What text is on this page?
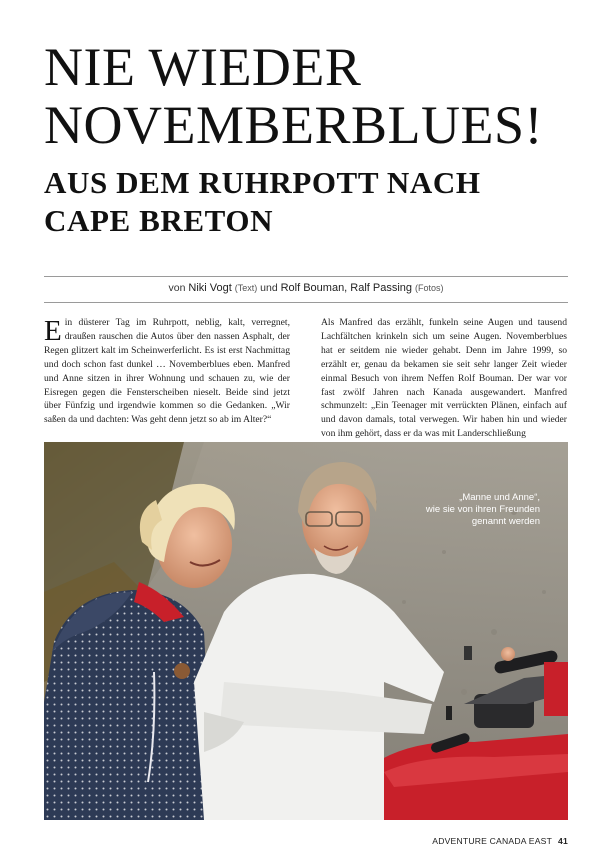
NIE WIEDER
NOVEMBERBLUES!
AUS DEM RUHRPOTT NACH
CAPE BRETON
von Niki Vogt (Text) und Rolf Bouman, Ralf Passing (Fotos)

Ein düsterer Tag im Ruhrpott, neblig, kalt, verregnet, draußen rauschen die Autos über den nassen Asphalt, der Regen glitzert kalt im Scheinwerferlicht. Es ist erst Nachmittag und doch schon fast dunkel … Novemberblues eben. Manfred und Anne sitzen in ihrer Wohnung und schauen zu, wie der Eisregen gegen die Fensterscheiben nieselt. Beide sind jetzt über Fünfzig und irgendwie kommen so die Gedanken. „Wir saßen da und dachten: Was geht denn jetzt so ab im Alter?“

Als Manfred das erzählt, funkeln seine Augen und tausend Lachfältchen krinkeln sich um seine Augen. Novemberblues hat er seitdem nie wieder gehabt. Denn im Jahre 1999, so erzählt er, genau da bekamen sie seit sehr langer Zeit wieder einmal Besuch von ihrem Neffen Rolf Bouman. Der war vor fast zwölf Jahren nach Kanada ausgewandert. Manfred schmunzelt: „Ein Teenager mit verrückten Plänen, einfach auf und davon damals, total verwegen. Wir haben hin und wieder von ihm gehört, dass er da was mit Landerschließung

„Manne und Anne“,
wie sie von ihren Freunden
genannt werden
ADVENTURE CANADA EAST 41
